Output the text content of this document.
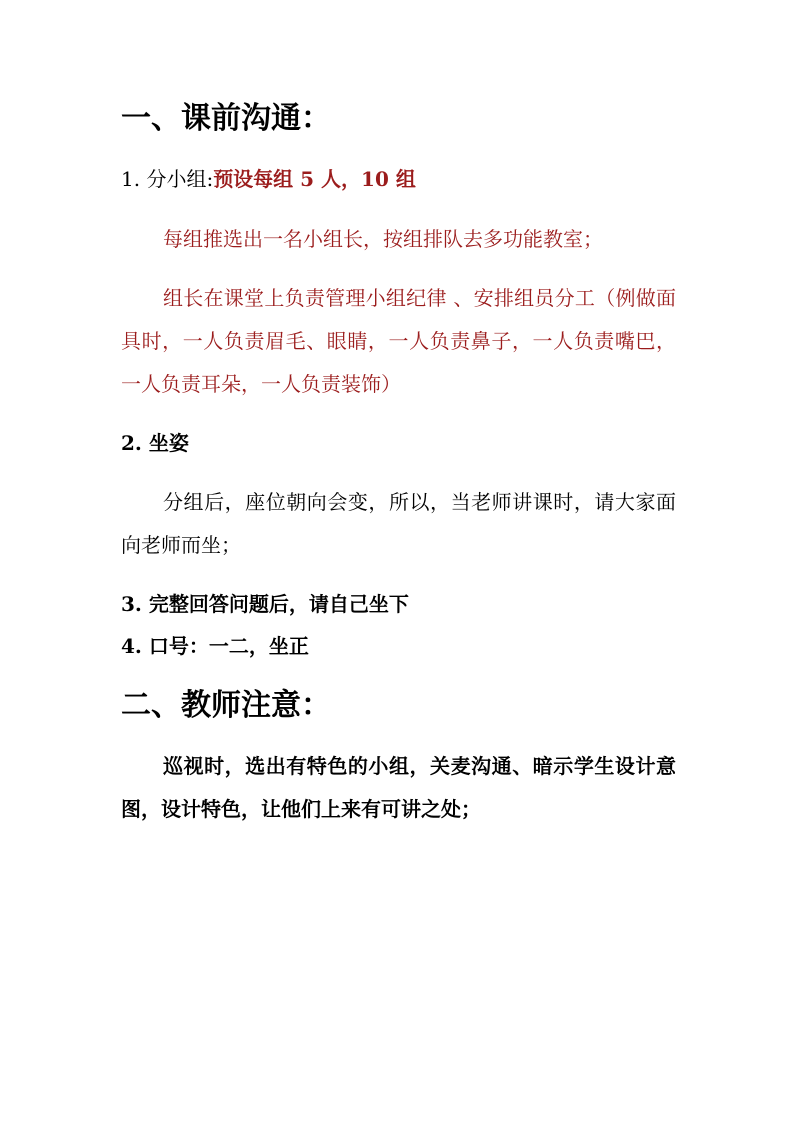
一、课前沟通：
1. 分小组:预设每组 5 人，10 组
每组推选出一名小组长，按组排队去多功能教室；
组长在课堂上负责管理小组纪律 、安排组员分工（例做面具时，一人负责眉毛、眼睛，一人负责鼻子，一人负责嘴巴，一人负责耳朵，一人负责装饰）
2. 坐姿
分组后，座位朝向会变，所以，当老师讲课时，请大家面向老师而坐；
3. 完整回答问题后，请自己坐下
4. 口号：一二，坐正
二、教师注意：
巡视时，选出有特色的小组，关麦沟通、暗示学生设计意图，设计特色，让他们上来有可讲之处；
